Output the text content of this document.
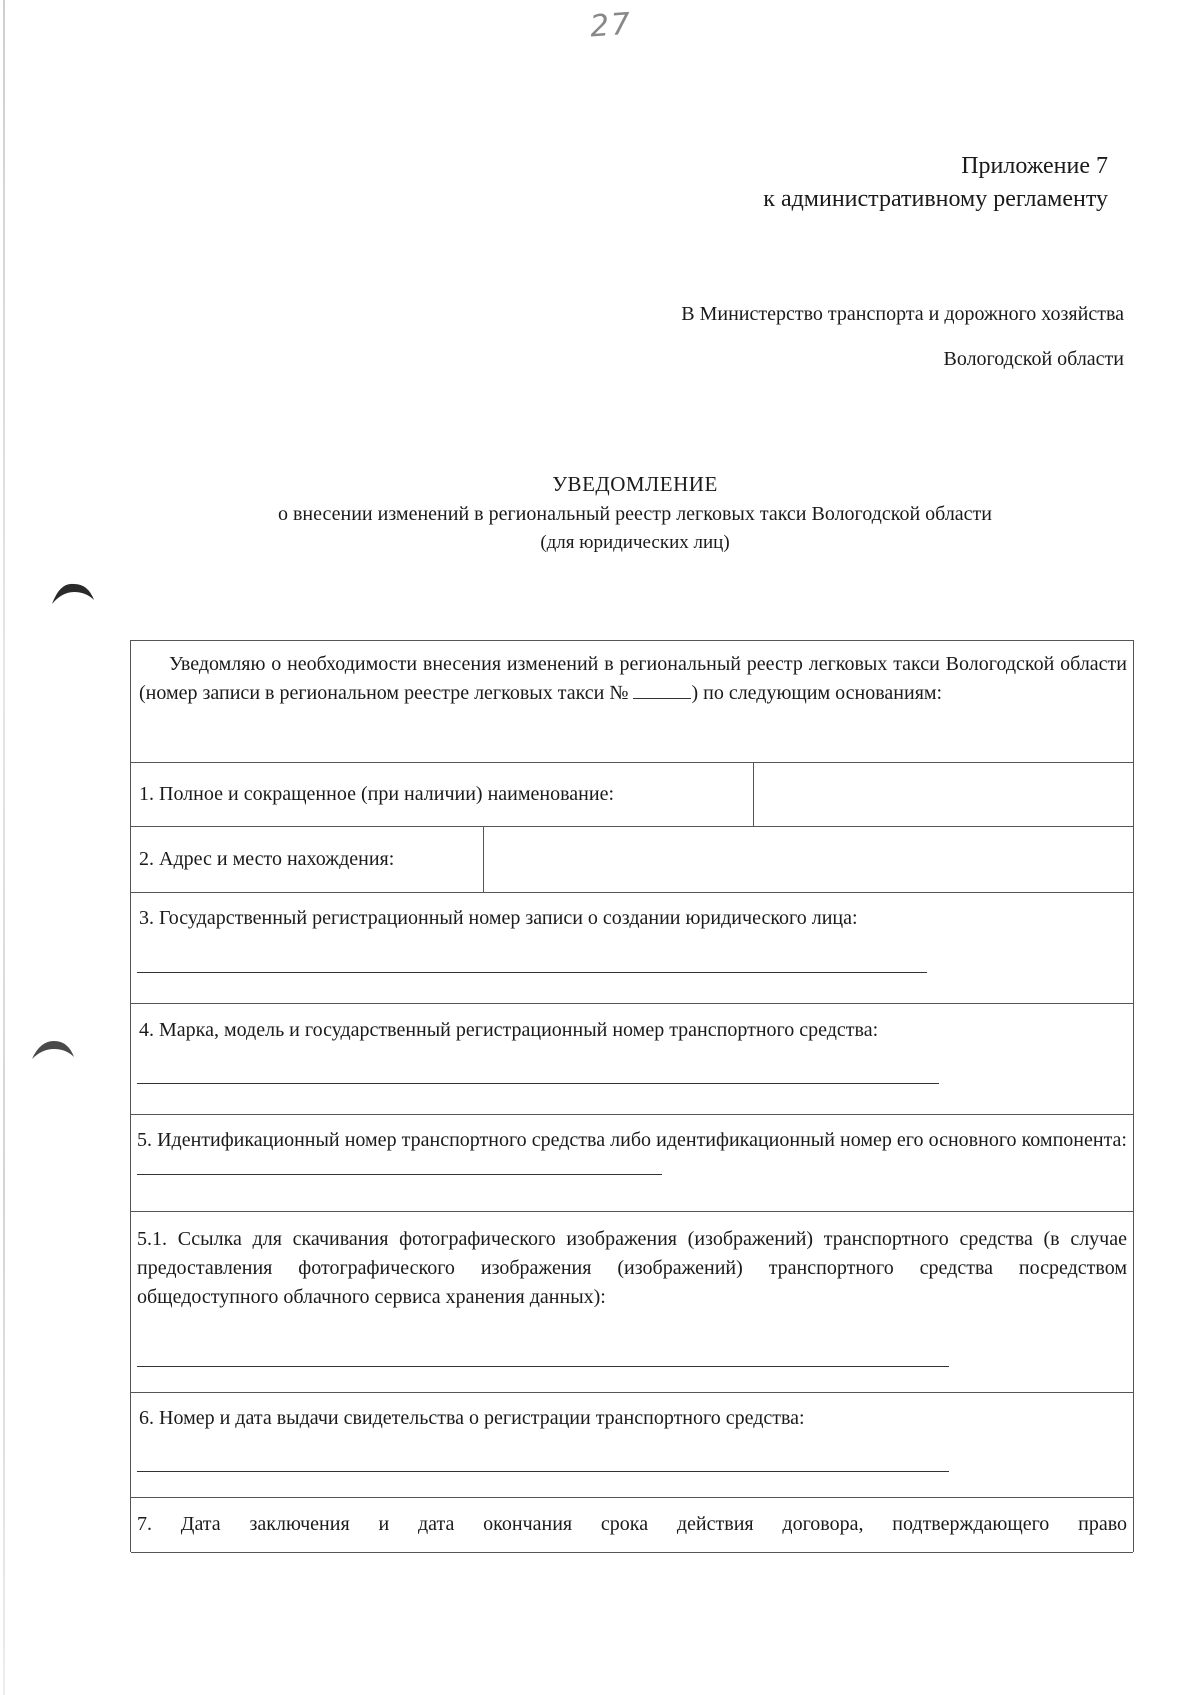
27
Приложение 7
к административному регламенту
В Министерство транспорта и дорожного хозяйства
Вологодской области
УВЕДОМЛЕНИЕ
о внесении изменений в региональный реестр легковых такси Вологодской области
(для юридических лиц)
Уведомляю о необходимости внесения изменений в региональный реестр легковых такси Вологодской области (номер записи в региональном реестре легковых такси №	) по следующим основаниям:
1. Полное и сокращенное (при наличии) наименование:
2. Адрес и место нахождения:
3. Государственный регистрационный номер записи о создании юридического лица:
4. Марка, модель и государственный регистрационный номер транспортного средства:
5. Идентификационный номер транспортного средства либо идентификационный номер его основного компонента:
5.1. Ссылка для скачивания фотографического изображения (изображений) транспортного средства (в случае предоставления фотографического изображения (изображений) транспортного средства посредством общедоступного облачного сервиса хранения данных):
6. Номер и дата выдачи свидетельства о регистрации транспортного средства:
7. Дата заключения и дата окончания срока действия договора, подтверждающего право
